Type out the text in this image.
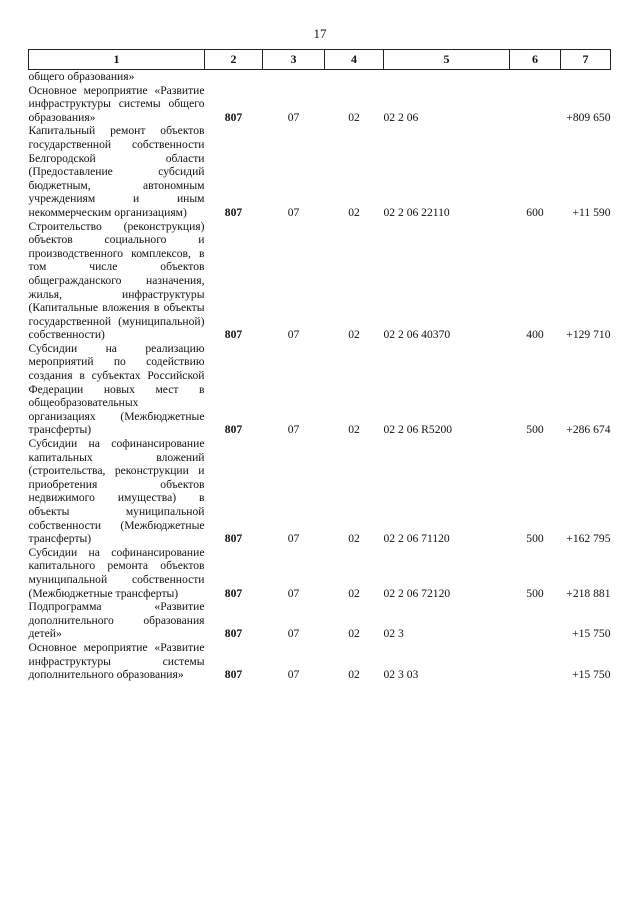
17
1	2	3	4	5	6	7
общего образования»						
Основное мероприятие «Развитие инфраструктуры системы общего образования»	807	07	02	02 2 06		+809 650
Капитальный ремонт объектов государственной собственности Белгородской области (Предоставление субсидий бюджетным, автономным учреждениям и иным некоммерческим организациям)	807	07	02	02 2 06 22110	600	+11 590
Строительство (реконструкция) объектов социального и производственного комплексов, в том числе объектов общегражданского назначения, жилья, инфраструктуры (Капитальные вложения в объекты государственной (муниципальной) собственности)	807	07	02	02 2 06 40370	400	+129 710
Субсидии на реализацию мероприятий по содействию создания в субъектах Российской Федерации новых мест в общеобразовательных организациях (Межбюджетные трансферты)	807	07	02	02 2 06 R5200	500	+286 674
Субсидии на софинансирование капитальных вложений (строительства, реконструкции и приобретения объектов недвижимого имущества) в объекты муниципальной собственности (Межбюджетные трансферты)	807	07	02	02 2 06 71120	500	+162 795
Субсидии на софинансирование капитального ремонта объектов муниципальной собственности (Межбюджетные трансферты)	807	07	02	02 2 06 72120	500	+218 881
Подпрограмма «Развитие дополнительного образования детей»	807	07	02	02 3		+15 750
Основное мероприятие «Развитие инфраструктуры системы дополнительного образования»	807	07	02	02 3 03		+15 750
